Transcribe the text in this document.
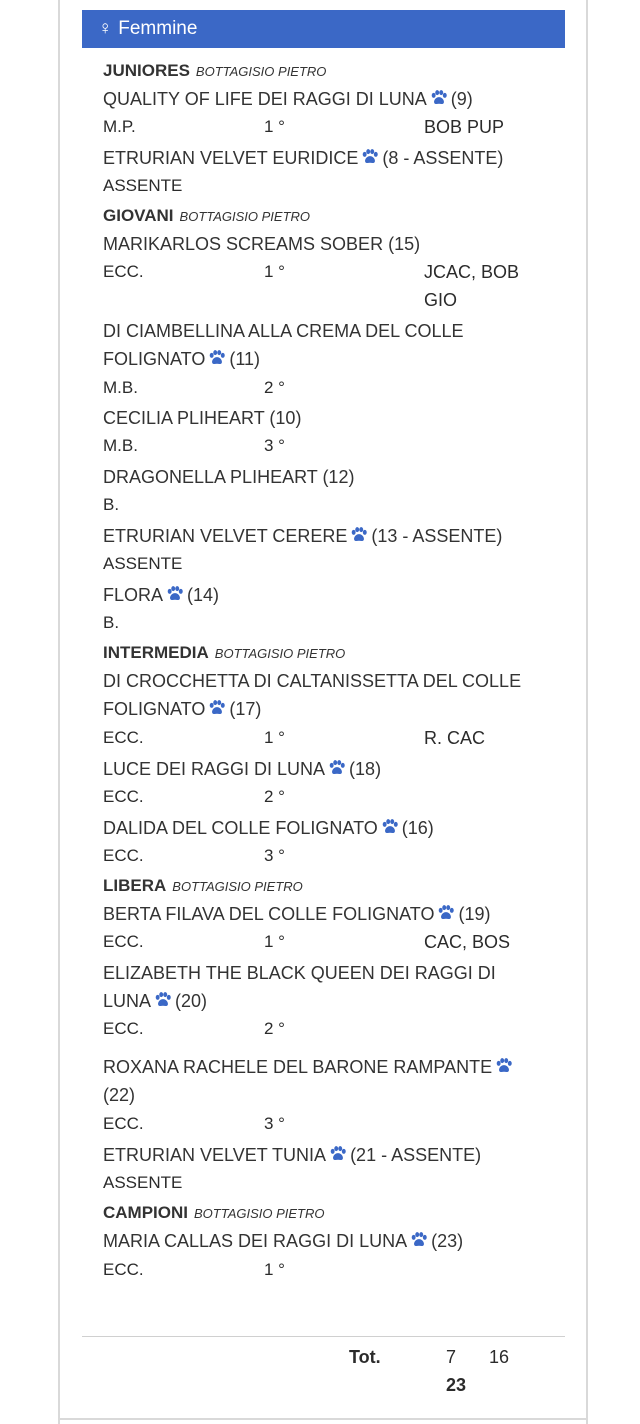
♀ Femmine
JUNIORES BOTTAGISIO PIETRO
QUALITY OF LIFE DEI RAGGI DI LUNA (9)
M.P.	1 °	BOB PUP
ETRURIAN VELVET EURIDICE (8 - ASSENTE)
ASSENTE
GIOVANI BOTTAGISIO PIETRO
MARIKARLOS SCREAMS SOBER (15)
ECC.	1 °	JCAC, BOB
GIO
DI CIAMBELLINA ALLA CREMA DEL COLLE
FOLIGNATO (11)
M.B.	2 °
CECILIA PLIHEART (10)
M.B.	3 °
DRAGONELLA PLIHEART (12)
B.
ETRURIAN VELVET CERERE (13 - ASSENTE)
ASSENTE
FLORA (14)
B.
INTERMEDIA BOTTAGISIO PIETRO
DI CROCCHETTA DI CALTANISSETTA DEL COLLE
FOLIGNATO (17)
ECC.	1 °	R. CAC
LUCE DEI RAGGI DI LUNA (18)
ECC.	2 °
DALIDA DEL COLLE FOLIGNATO (16)
ECC.	3 °
LIBERA BOTTAGISIO PIETRO
BERTA FILAVA DEL COLLE FOLIGNATO (19)
ECC.	1 °	CAC, BOS
ELIZABETH THE BLACK QUEEN DEI RAGGI DI
LUNA (20)
ECC.	2 °
ROXANA RACHELE DEL BARONE RAMPANTE
(22)
ECC.	3 °
ETRURIAN VELVET TUNIA (21 - ASSENTE)
ASSENTE
CAMPIONI BOTTAGISIO PIETRO
MARIA CALLAS DEI RAGGI DI LUNA (23)
ECC.	1 °
Tot.	7 16
23
